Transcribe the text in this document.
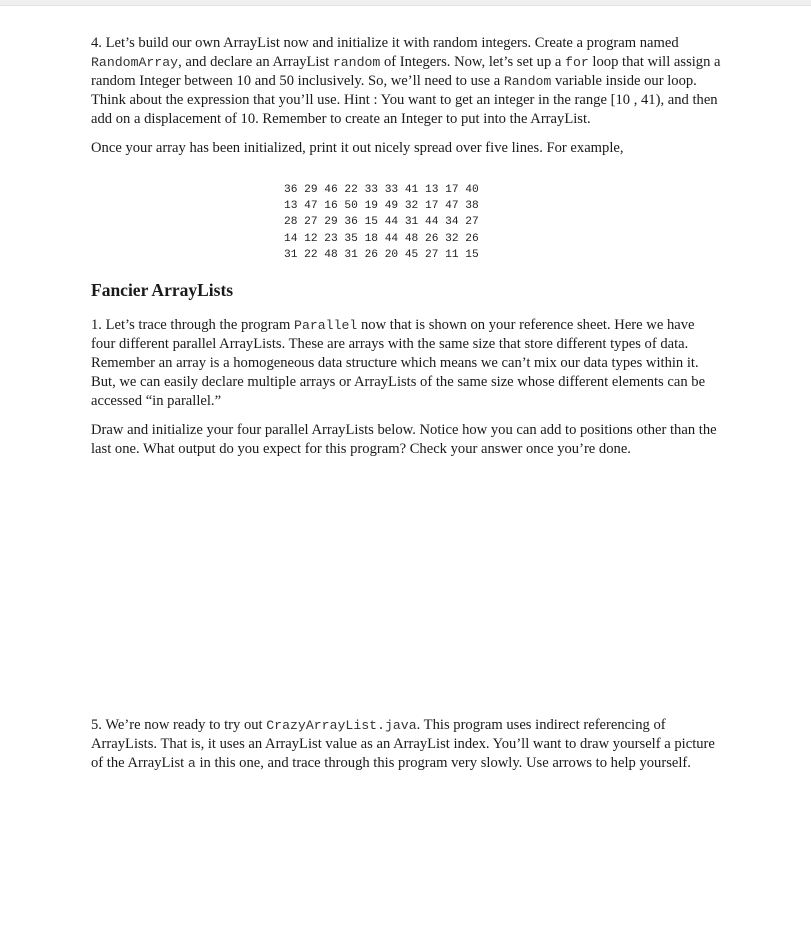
4. Let’s build our own ArrayList now and initialize it with random integers. Create a program named RandomArray, and declare an ArrayList random of Integers. Now, let’s set up a for loop that will assign a random Integer between 10 and 50 inclusively. So, we’ll need to use a Random variable inside our loop. Think about the expression that you’ll use. Hint : You want to get an integer in the range [10 , 41), and then add on a displacement of 10. Remember to create an Integer to put into the ArrayList.

Once your array has been initialized, print it out nicely spread over five lines. For example,

36 29 46 22 33 33 41 13 17 40
13 47 16 50 19 49 32 17 47 38
28 27 29 36 15 44 31 44 34 27
14 12 23 35 18 44 48 26 32 26
31 22 48 31 26 20 45 27 11 15
Fancier ArrayLists

1. Let’s trace through the program Parallel now that is shown on your reference sheet. Here we have four different parallel ArrayLists. These are arrays with the same size that store different types of data. Remember an array is a homogeneous data structure which means we can’t mix our data types within it. But, we can easily declare multiple arrays or ArrayLists of the same size whose different elements can be accessed “in parallel.”

Draw and initialize your four parallel ArrayLists below. Notice how you can add to positions other than the last one. What output do you expect for this program? Check your answer once you’re done.

5. We’re now ready to try out CrazyArrayList.java. This program uses indirect referencing of ArrayLists. That is, it uses an ArrayList value as an ArrayList index. You’ll want to draw yourself a picture of the ArrayList a in this one, and trace through this program very slowly. Use arrows to help yourself.
